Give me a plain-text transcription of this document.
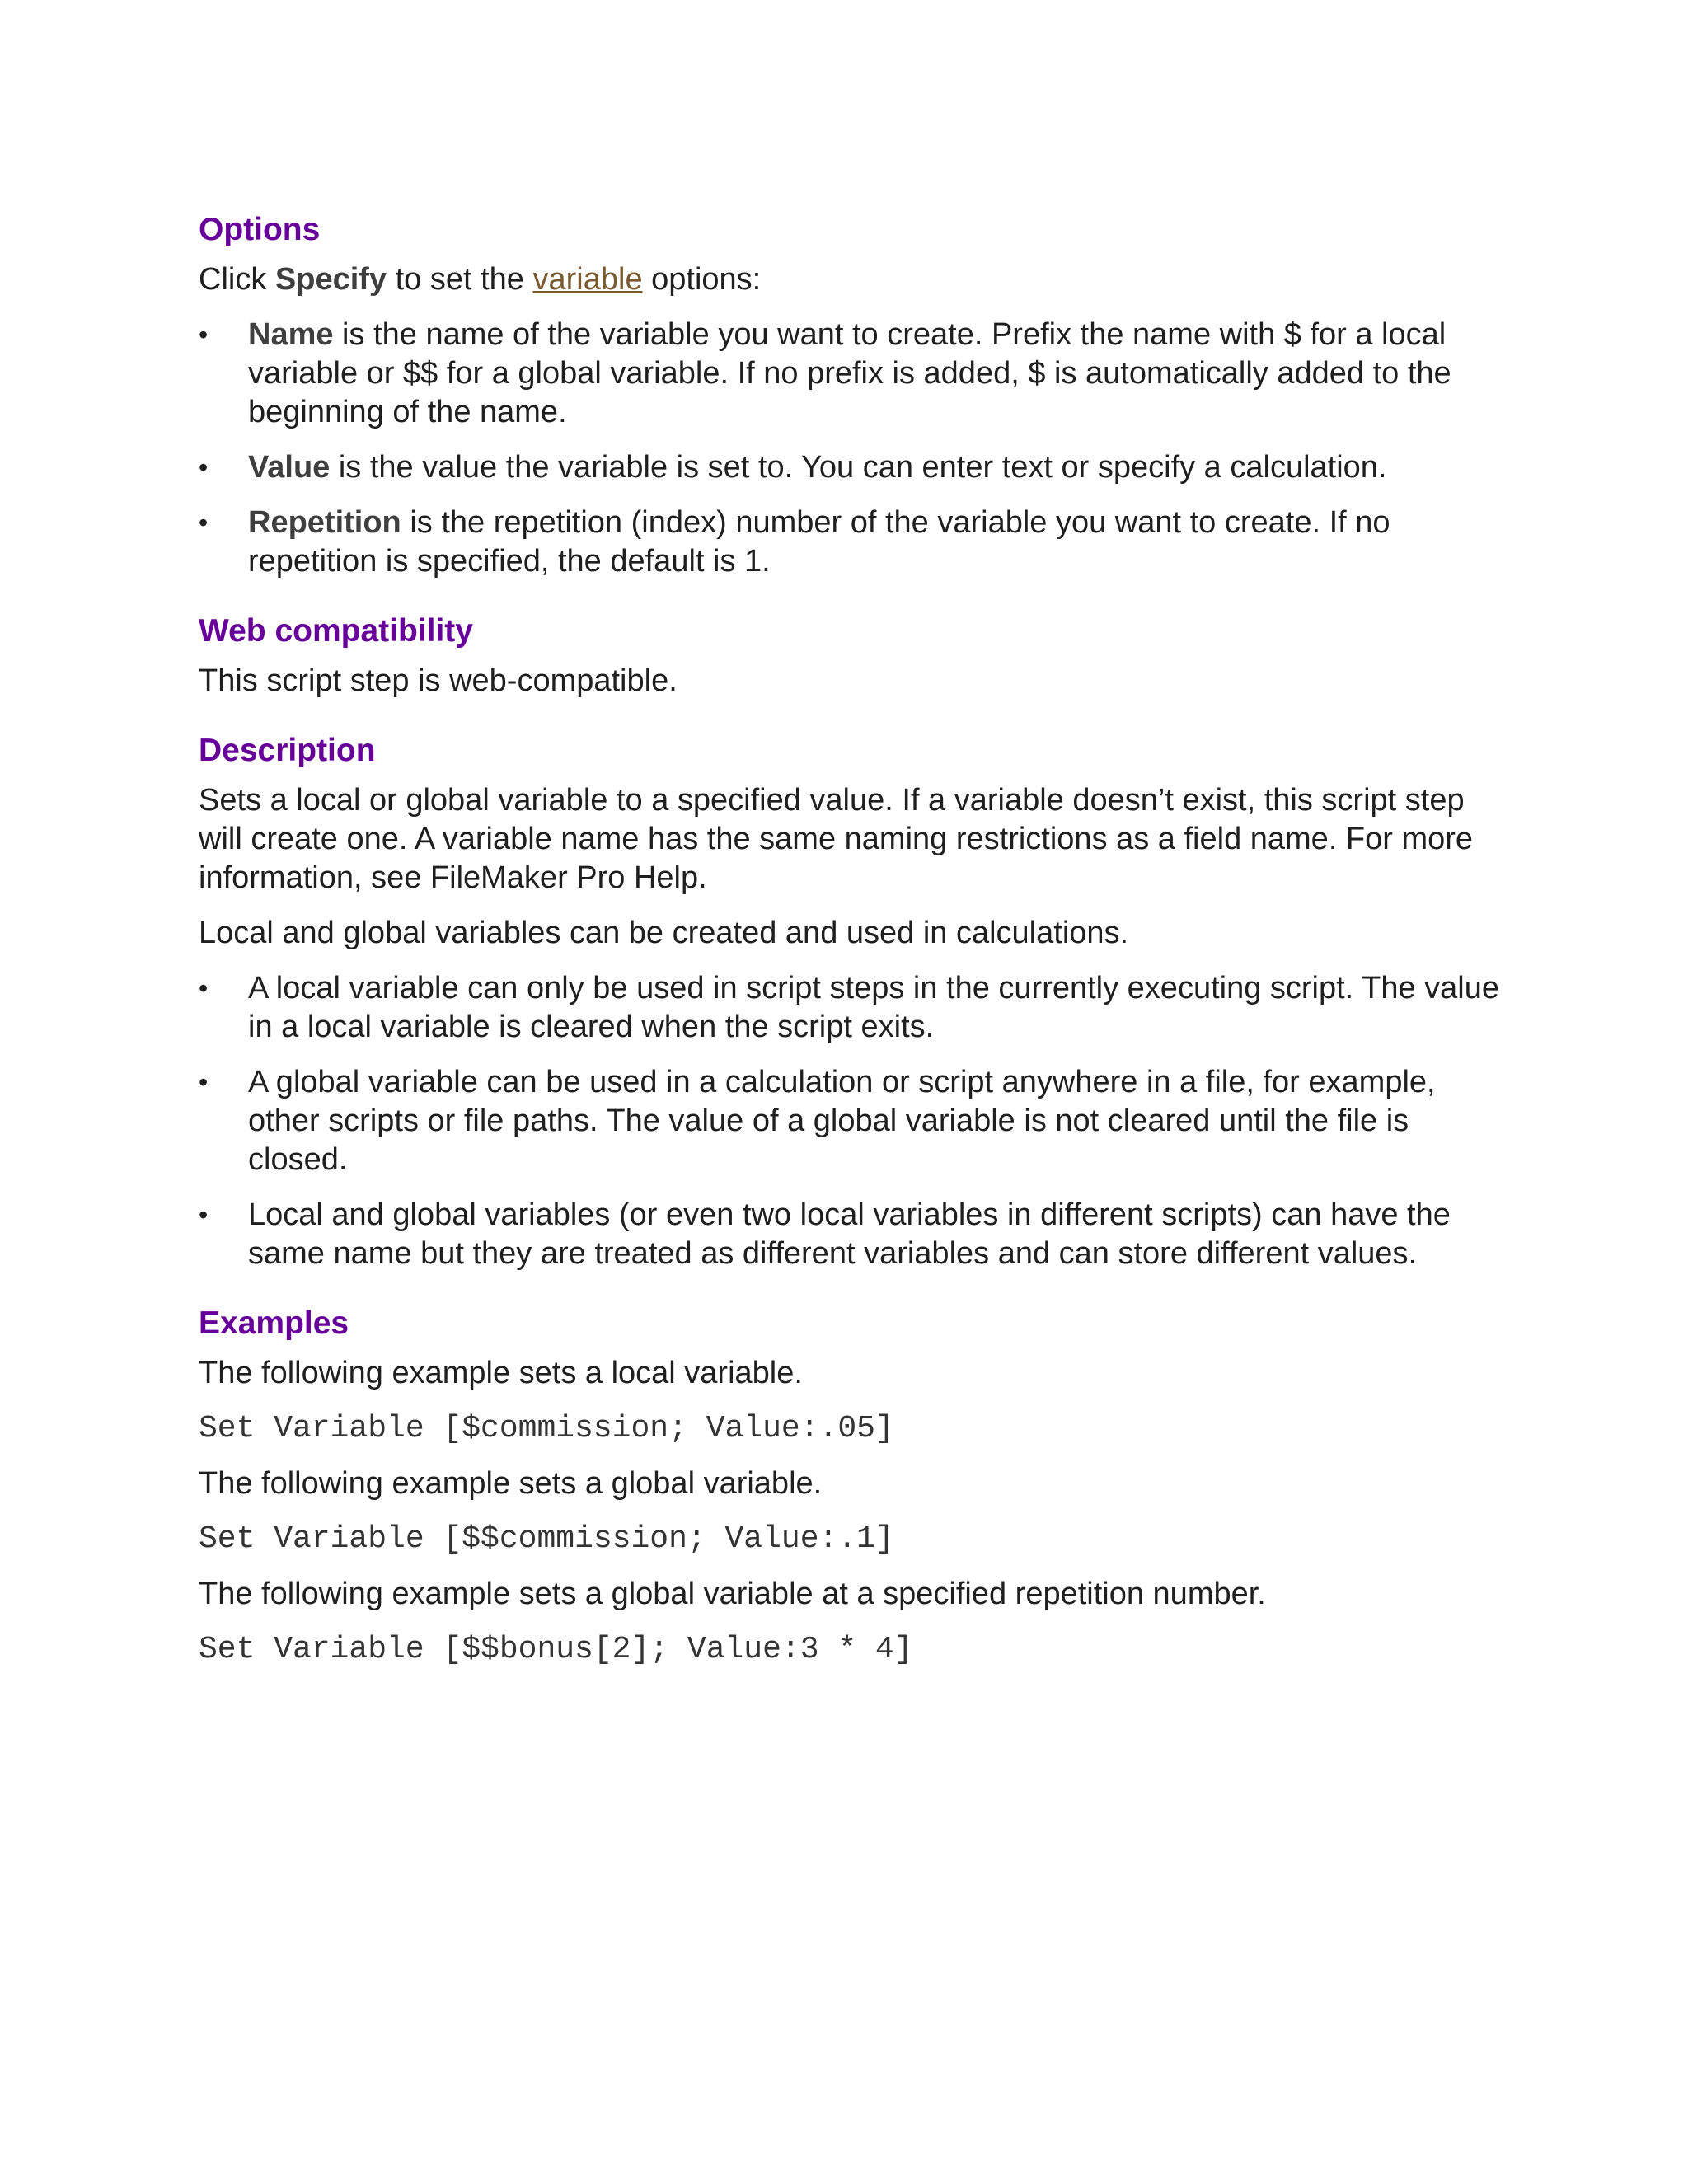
Options

Click Specify to set the variable options:

• Name is the name of the variable you want to create. Prefix the name with $ for a local variable or $$ for a global variable. If no prefix is added, $ is automatically added to the beginning of the name.
• Value is the value the variable is set to. You can enter text or specify a calculation.
• Repetition is the repetition (index) number of the variable you want to create. If no repetition is specified, the default is 1.
Web compatibility

This script step is web-compatible.

Description

Sets a local or global variable to a specified value. If a variable doesn’t exist, this script step will create one. A variable name has the same naming restrictions as a field name. For more information, see FileMaker Pro Help.

Local and global variables can be created and used in calculations.

• A local variable can only be used in script steps in the currently executing script. The value in a local variable is cleared when the script exits.
• A global variable can be used in a calculation or script anywhere in a file, for example, other scripts or file paths. The value of a global variable is not cleared until the file is closed.
• Local and global variables (or even two local variables in different scripts) can have the same name but they are treated as different variables and can store different values.
Examples

The following example sets a local variable.

Set Variable [$commission; Value:.05]

The following example sets a global variable.

Set Variable [$$commission; Value:.1]

The following example sets a global variable at a specified repetition number.

Set Variable [$$bonus[2]; Value:3 * 4]
